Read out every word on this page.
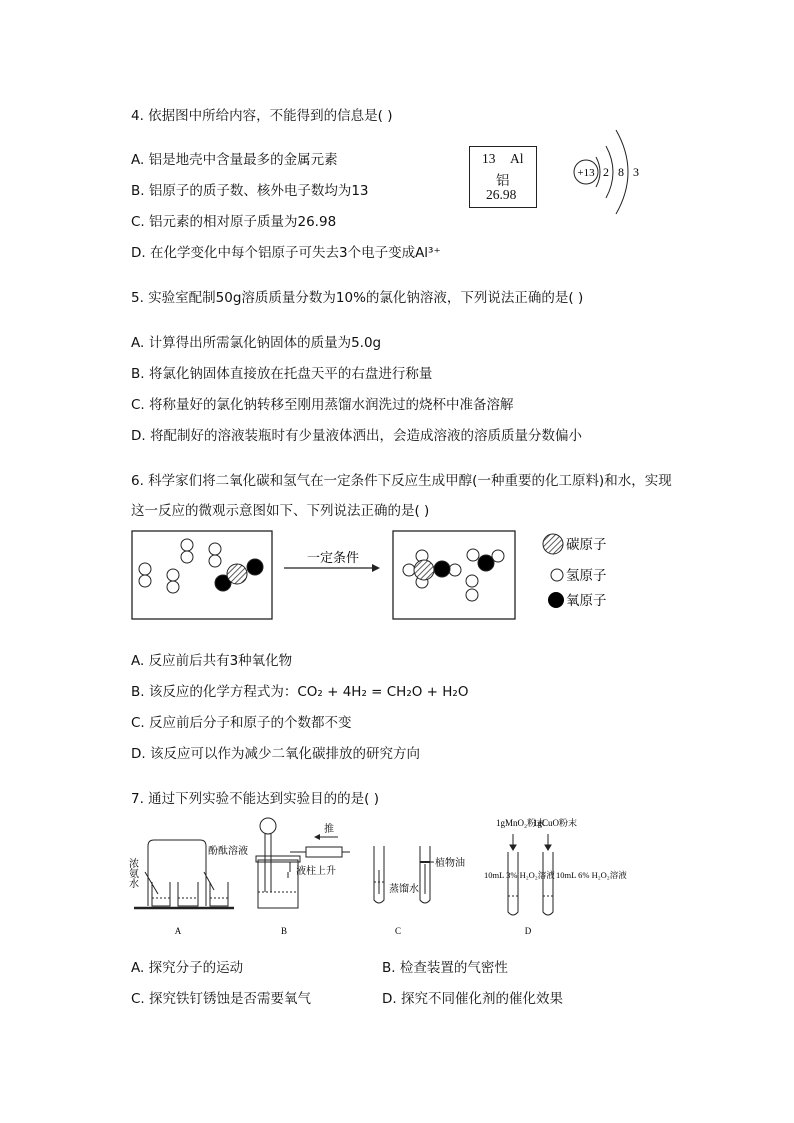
4. 依据图中所给内容，不能得到的信息是( )
A. 铝是地壳中含量最多的金属元素
B. 铝原子的质子数、核外电子数均为13
C. 铝元素的相对原子质量为26.98
D. 在化学变化中每个铝原子可失去3个电子变成Al³⁺
13 Al
铝
26.98
+13 2 8 3
5. 实验室配制50g溶质质量分数为10%的氯化钠溶液，下列说法正确的是( )
A. 计算得出所需氯化钠固体的质量为5.0g
B. 将氯化钠固体直接放在托盘天平的右盘进行称量
C. 将称量好的氯化钠转移至刚用蒸馏水润洗过的烧杯中准备溶解
D. 将配制好的溶液装瓶时有少量液体洒出，会造成溶液的溶质质量分数偏小
6. 科学家们将二氧化碳和氢气在一定条件下反应生成甲醇(一种重要的化工原料)和水，实现
这一反应的微观示意图如下、下列说法正确的是( )
一定条件
碳原子
氢原子
氧原子
A. 反应前后共有3种氧化物
B. 该反应的化学方程式为：CO₂ + 4H₂ = CH₂O + H₂O
C. 反应前后分子和原子的个数都不变
D. 该反应可以作为减少二氧化碳排放的研究方向
7. 通过下列实验不能达到实验目的的是( )
浓氨水
酚酞溶液
A
推
液柱上升
B
蒸馏水
植物油
C
1gMnO₂粉末
1gCuO粉末
10mL 3% H₂O₂溶液 10mL 6% H₂O₂溶液
D
A. 探究分子的运动	B. 检查装置的气密性
C. 探究铁钉锈蚀是否需要氧气	D. 探究不同催化剂的催化效果
